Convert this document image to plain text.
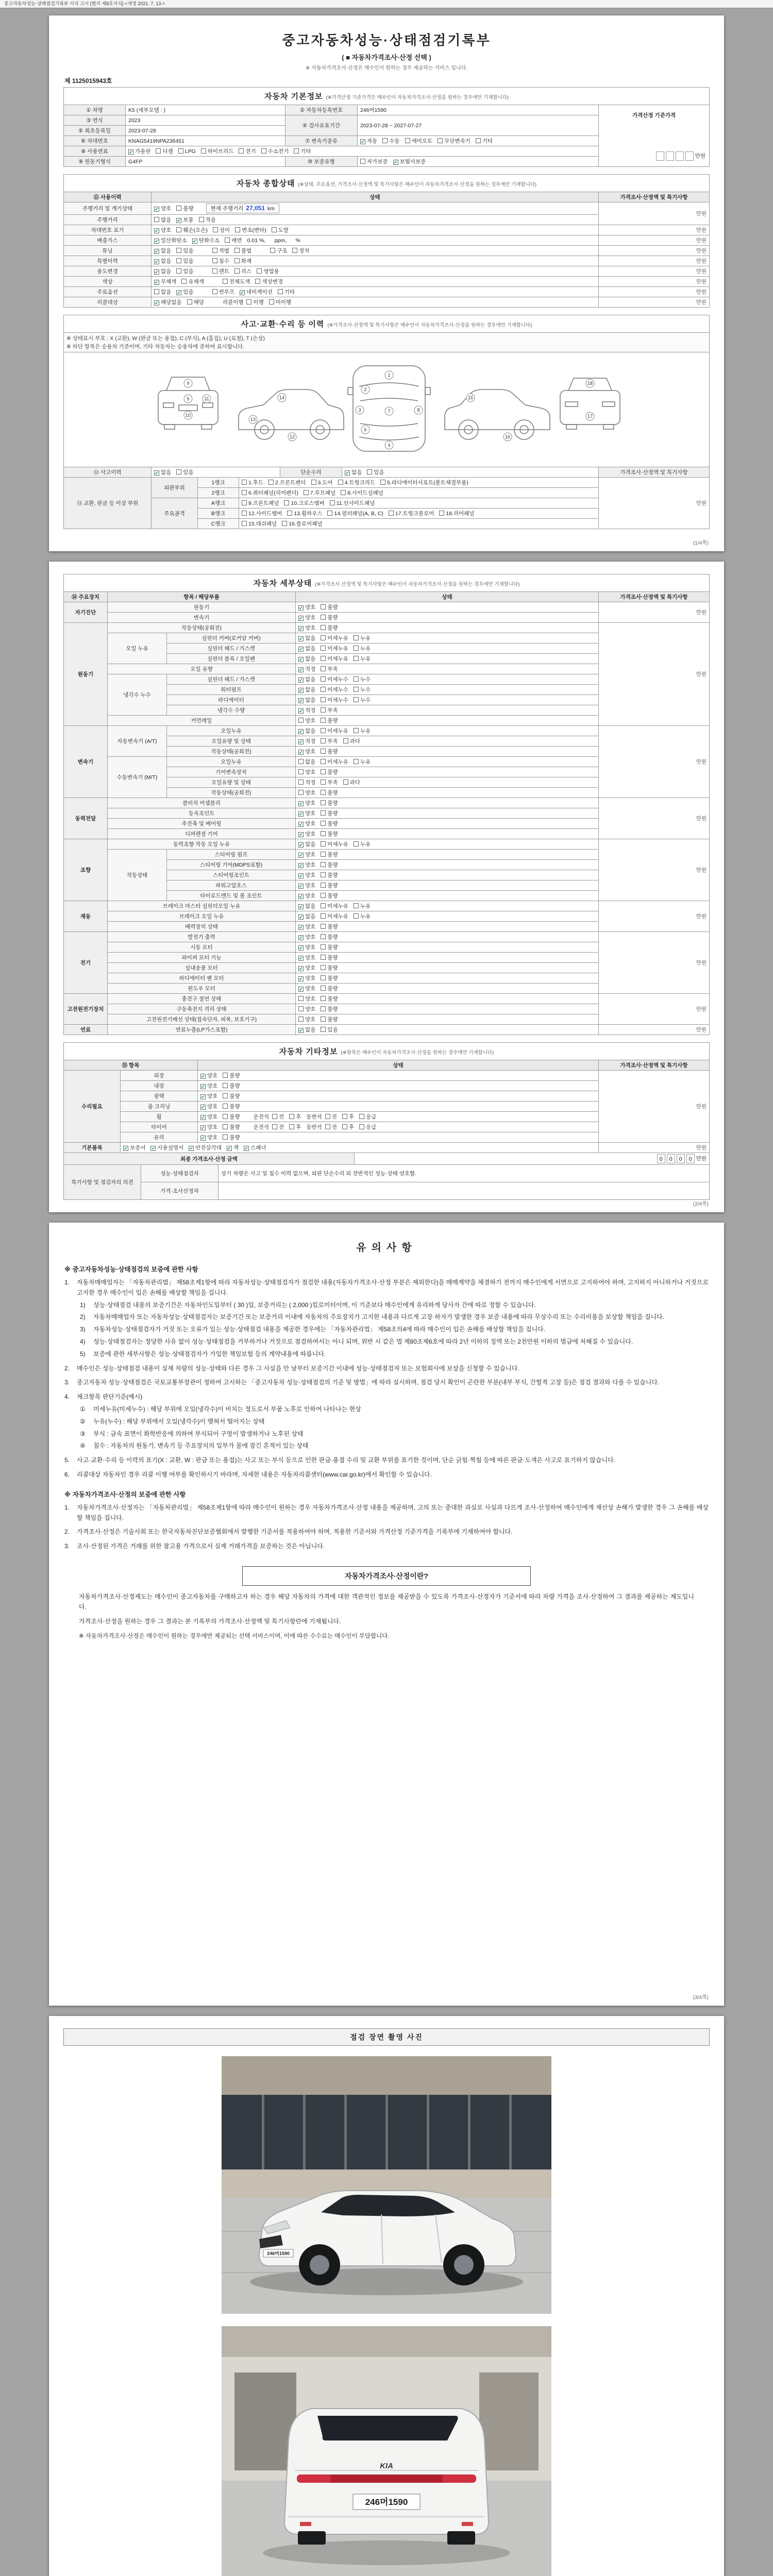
중고자동차성능·상태점검기록부 서식 고시 [별지 제8호서식] <개정 2021. 7. 13.>
중고자동차성능·상태점검기록부
( ■ 자동차가격조사·산정 선택 )
※ 자동차가격조사·산정은 매수인이 원하는 경우 제공하는 서비스 입니다.
제 1125015943호
자동차 기본정보 (※가격산정 기준가격은 매수인이 자동차가격조사·산정을 원하는 경우에만 기재합니다)				
① 차명	K5 (세부모델 : )	② 자동차등록번호	246머1590	가격산정 기준가격
만원

③ 연식	2023	④ 검사유효기간	2023-07-28 ~ 2027-07-27	
⑤ 최초등록일	2023-07-28			
⑥ 차대번호	KNAG5419NPA236451	⑦ 변속기종류	✔ 자동 수동 세미오토 무단변속기 기타	
⑧ 사용연료	✔ 가솔린 디젤 LPG 하이브리드 전기 수소전기 기타			
⑨ 원동기형식	G4FP	⑩ 보증유형	자가보증 ✔ 보험사보증	
자동차 종합상태 (※상태, 주요옵션, 가격조사·산정액 및 특기사항은 매수인이 자동차가격조사·산정을 원하는 경우에만 기재합니다)		
⑪ 사용이력	상태	가격조사·산정액 및 특기사항
주행거리 및 계기상태	✔ 양호 불량 현재 주행거리 27,051 km	만원
주행거리	많음 ✔ 보통 적음	
차대번호 표기	✔ 양호 훼손(오손) 상이 변조(변타) 도말	만원
배출가스	✔ 일산화탄소 ✔ 탄화수소 매연 0.01 %,      ppm,      %	만원
튜닝	✔ 없음 있음 적법 불법 구조 장치	만원
특별이력	✔ 없음 있음 침수 화재	만원
용도변경	✔ 없음 있음 렌트 리스 영업용	만원
색상	✔ 무채색 유채색 전체도색 색상변경	만원
주요옵션	없음 ✔ 있음 썬루프 ✔ 네비게이션 기타	만원
리콜대상	✔ 해당없음 해당 리콜이행 이행 미이행	만원
사고·교환·수리 등 이력 (※가격조사·산정액 및 특기사항은 매수인이 자동차가격조사·산정을 원하는 경우에만 기재합니다)

※ 상태표시 부호 : X (교환), W (판금 또는 용접), C (부식), A (흠집), U (요철), T (손상)
※ 하단 항목은 승용차 기준이며, 기타 자동차는 승용차에 준하여 표시합니다.

1
2
3
4
5
6
7	8
9
10
11
12
13
14	15
16
17
18

⑫ 사고이력	✔ 없음 있음	단순수리	✔ 없음 있음	가격조사·산정액 및 특기사항
⑬ 교환, 판금 등 이상 부위	외판부위	1랭크	1.후드 2.프론트펜더 3.도어 4.트렁크리드 5.라디에이터서포트(볼트체결부품)	만원
		2랭크	6.쿼터패널(리어펜더) 7.루프패널 8.사이드실패널	
	주요골격	A랭크	9.프론트패널 10.크로스멤버 11.인사이드패널	
		B랭크	12.사이드멤버 13.휠하우스 14.필러패널(A, B, C) 17.트렁크플로어 18.리어패널	
		C랭크	15.대쉬패널 16.플로어패널	
(1/4쪽)
자동차 세부상태 (※가격조사·산정액 및 특기사항은 매수인이 자동차가격조사·산정을 원하는 경우에만 기재합니다)				
⑭ 주요장치	항목 / 해당부품		상태	가격조사·산정액 및 특기사항
자기진단	원동기		✔ 양호 불량	만원
	변속기		✔ 양호 불량	
원동기	작동상태(공회전)		✔ 양호 불량	만원
	오일 누유	실린더 커버(로커암 커버)	✔ 없음 미세누유 누유	
		실린더 헤드 / 가스켓	✔ 없음 미세누유 누유	
		실린더 블록 / 오일팬	✔ 없음 미세누유 누유	
	오일 유량		✔ 적정 부족	
	냉각수 누수	실린더 헤드 / 가스켓	✔ 없음 미세누수 누수	
		워터펌프	✔ 없음 미세누수 누수	
		라디에이터	✔ 없음 미세누수 누수	
		냉각수 수량	✔ 적정 부족	
	커먼레일		양호 불량	
변속기	자동변속기 (A/T)	오일누유	✔ 없음 미세누유 누유	만원
		오일유량 및 상태	✔ 적정 부족 과다	
		작동상태(공회전)	✔ 양호 불량	
	수동변속기 (M/T)	오일누유	없음 미세누유 누유	
		기어변속장치	양호 불량	
		오일유량 및 상태	적정 부족 과다	
		작동상태(공회전)	양호 불량	
동력전달	클러치 어셈블리		✔ 양호 불량	만원
	등속조인트		✔ 양호 불량	
	추진축 및 베어링		✔ 양호 불량	
	디퍼렌셜 기어		✔ 양호 불량	
조향	동력조향 작동 오일 누유		✔ 없음 미세누유 누유	만원
	작동상태	스티어링 펌프	✔ 양호 불량	
		스티어링 기어(MDPS포함)	✔ 양호 불량	
		스티어링조인트	✔ 양호 불량	
		파워고압호스	✔ 양호 불량	
		타이로드엔드 및 볼 조인트	✔ 양호 불량	
제동	브레이크 마스터 실린더오일 누유		✔ 없음 미세누유 누유	만원
	브레이크 오일 누유		✔ 없음 미세누유 누유	
	배력장치 상태		✔ 양호 불량	
전기	발전기 출력		✔ 양호 불량	만원
	시동 모터		✔ 양호 불량	
	와이퍼 모터 기능		✔ 양호 불량	
	실내송풍 모터		✔ 양호 불량	
	라디에이터 팬 모터		✔ 양호 불량	
	윈도우 모터		✔ 양호 불량	
고전원전기장치	충전구 절연 상태		양호 불량	만원
	구동축전지 격리 상태		양호 불량	
	고전원전기배선 상태(접속단자, 피복, 보호기구)		양호 불량	
연료	연료누출(LP가스포함)		✔ 없음 있음	만원
자동차 기타정보 (※항목은 매수인이 자동차가격조사·산정을 원하는 경우에만 기재합니다)			
⑮ 항목		상태	가격조사·산정액 및 특기사항
수리필요	외장	✔ 양호 불량	만원
	내장	✔ 양호 불량	
	광택	✔ 양호 불량	
	룸 크리닝	✔ 양호 불량	
	휠	✔ 양호 불량 운전석 전 후 동반석 전 후 응급	
	타이어	✔ 양호 불량 운전석 전 후 동반석 전 후 응급	
	유리	✔ 양호 불량	
기본품목	✔ 보증서 ✔ 사용설명서 ✔ 안전삼각대 ✔ 잭 ✔ 스패너		만원
최종 가격조사·산정 금액	0 0 0 0 만원
특기사항 및 점검자의 의견	성능·상태점검자	상기 차량은 사고 및 침수 이력 없으며, 외판 단순수리 외 전반적인 성능·상태 양호함.
	가격·조사산정자	
(2/4쪽)
유의사항
※ 중고자동차성능·상태점검의 보증에 관한 사항
1.	자동차매매업자는 「자동차관리법」 제58조제1항에 따라 자동차성능·상태점검자가 점검한 내용(자동차가격조사·산정 부분은 제외한다)을 매매계약을 체결하기 전까지 매수인에게 서면으로 고지하여야 하며, 고지하지 아니하거나 거짓으로 고지한 경우 매수인이 입은 손해를 배상할 책임을 집니다.
1)	성능·상태점검 내용의 보증기간은 자동차인도일부터 ( 30 )일, 보증거리는 ( 2,000 )킬로미터이며, 이 기준보다 매수인에게 유리하게 당사자 간에 따로 정할 수 있습니다.
2)	자동차매매업자 또는 자동차성능·상태점검자는 보증기간 또는 보증거리 이내에 자동차의 주요장치가 고지한 내용과 다르게 고장·하자가 발생한 경우 보증 내용에 따라 무상수리 또는 수리비용을 보상할 책임을 집니다.
3)	자동차성능·상태점검자가 거짓 또는 오류가 있는 성능·상태점검 내용을 제공한 경우에는 「자동차관리법」 제58조의4에 따라 매수인이 입은 손해를 배상할 책임을 집니다.
4)	성능·상태점검자는 정당한 사유 없이 성능·상태점검을 거부하거나 거짓으로 점검하여서는 아니 되며, 위반 시 같은 법 제80조제6호에 따라 2년 이하의 징역 또는 2천만원 이하의 벌금에 처해질 수 있습니다.
5)	보증에 관한 세부사항은 성능·상태점검자가 가입한 책임보험 등의 계약내용에 따릅니다.
2.	매수인은 성능·상태점검 내용이 실제 차량의 성능·상태와 다른 경우 그 사실을 안 날부터 보증기간 이내에 성능·상태점검자 또는 보험회사에 보상을 신청할 수 있습니다.
3.	중고자동차 성능·상태점검은 국토교통부장관이 정하여 고시하는 「중고자동차 성능·상태점검의 기준 및 방법」에 따라 실시하며, 점검 당시 확인이 곤란한 부분(내부 부식, 간헐적 고장 등)은 점검 결과와 다를 수 있습니다.
4.	체크항목 판단기준(예시)
①	미세누유(미세누수) : 해당 부위에 오일(냉각수)이 비치는 정도로서 부품 노후로 인하여 나타나는 현상
②	누유(누수) : 해당 부위에서 오일(냉각수)이 맺혀서 떨어지는 상태
③	부식 : 금속 표면이 화학반응에 의하여 부식되어 구멍이 발생하거나 노후된 상태
④	침수 : 자동차의 원동기, 변속기 등 주요장치의 일부가 물에 잠긴 흔적이 있는 상태
5.	사고·교환·수리 등 이력의 표기(X : 교환, W : 판금 또는 용접)는 사고 또는 부식 등으로 인한 판금·용접 수리 및 교환 부위를 표기한 것이며, 단순 긁힘·찍힘 등에 따른 판금·도색은 사고로 표기하지 않습니다.
6.	리콜대상 자동차인 경우 리콜 이행 여부를 확인하시기 바라며, 자세한 내용은 자동차리콜센터(www.car.go.kr)에서 확인할 수 있습니다.
※ 자동차가격조사·산정의 보증에 관한 사항
1.	자동차가격조사·산정자는 「자동차관리법」 제58조제1항에 따라 매수인이 원하는 경우 자동차가격조사·산정 내용을 제공하며, 고의 또는 중대한 과실로 사실과 다르게 조사·산정하여 매수인에게 재산상 손해가 발생한 경우 그 손해를 배상할 책임을 집니다.
2.	가격조사·산정은 기술사회 또는 한국자동차진단보증협회에서 발행한 기준서를 적용하여야 하며, 적용한 기준서와 가격산정 기준가격을 기록부에 기재하여야 합니다.
3.	조사·산정된 가격은 거래를 위한 참고용 가격으로서 실제 거래가격을 보증하는 것은 아닙니다.
자동차가격조사·산정이란?
자동차가격조사·산정제도는 매수인이 중고자동차를 구매하고자 하는 경우 해당 자동차의 가격에 대한 객관적인 정보를 제공받을 수 있도록 가격조사·산정자가 기준서에 따라 차량 가격을 조사·산정하여 그 결과를 제공하는 제도입니다.
가격조사·산정을 원하는 경우 그 결과는 본 기록부의 가격조사·산정액 및 특기사항란에 기재됩니다.
※ 자동차가격조사·산정은 매수인이 원하는 경우에만 제공되는 선택 서비스이며, 이에 따른 수수료는 매수인이 부담합니다.
(3/4쪽)
점검 장면 촬영 사진
246머1590
KIA
246머1590
